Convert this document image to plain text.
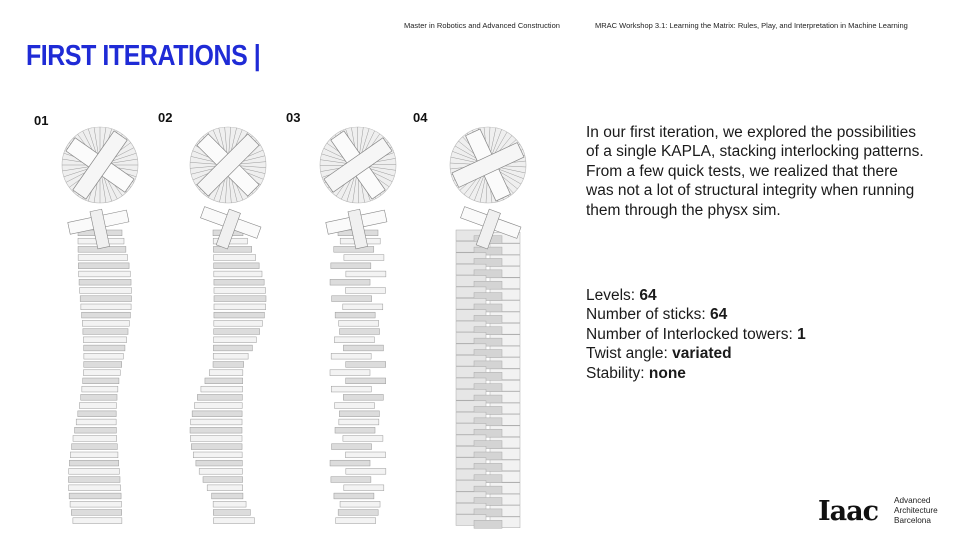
Master in Robotics and Advanced Construction	MRAC Workshop 3.1: Learning the Matrix: Rules, Play, and Interpretation in Machine Learning
FIRST ITERATIONS |
01	02	03	04
In our first iteration, we explored the possibilities of a single KAPLA, stacking interlocking patterns. From a few quick tests, we realized that there was not a lot of structural integrity when running them through the physx sim.
Levels: 64
Number of sticks: 64
Number of Interlocked towers: 1
Twist angle: variated
Stability: none
Iaac Advanced
Architecture
Barcelona
